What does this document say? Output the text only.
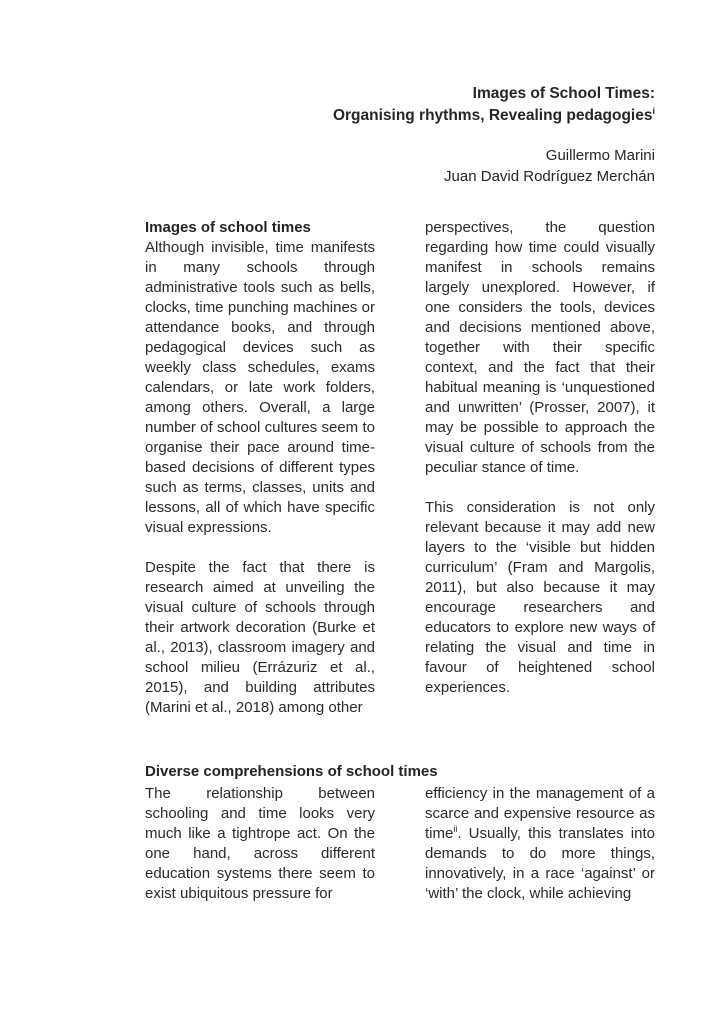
Images of School Times:
Organising rhythms, Revealing pedagogies$^i$
Guillermo Marini
Juan David Rodríguez Merchán
Images of school times

Although invisible, time manifests in many schools through administrative tools such as bells, clocks, time punching machines or attendance books, and through pedagogical devices such as weekly class schedules, exams calendars, or late work folders, among others. Overall, a large number of school cultures seem to organise their pace around time-based decisions of different types such as terms, classes, units and lessons, all of which have specific visual expressions.

Despite the fact that there is research aimed at unveiling the visual culture of schools through their artwork decoration (Burke et al., 2013), classroom imagery and school milieu (Errázuriz et al., 2015), and building attributes (Marini et al., 2018) among other

perspectives, the question regarding how time could visually manifest in schools remains largely unexplored. However, if one considers the tools, devices and decisions mentioned above, together with their specific context, and the fact that their habitual meaning is ‘unquestioned and unwritten’ (Prosser, 2007), it may be possible to approach the visual culture of schools from the peculiar stance of time.

This consideration is not only relevant because it may add new layers to the ‘visible but hidden curriculum’ (Fram and Margolis, 2011), but also because it may encourage researchers and educators to explore new ways of relating the visual and time in favour of heightened school experiences.

Diverse comprehensions of school times

The relationship between schooling and time looks very much like a tightrope act. On the one hand, across different education systems there seem to exist ubiquitous pressure for

efficiency in the management of a scarce and expensive resource as time$^{ii}$. Usually, this translates into demands to do more things, innovatively, in a race ‘against’ or ‘with’ the clock, while achieving
